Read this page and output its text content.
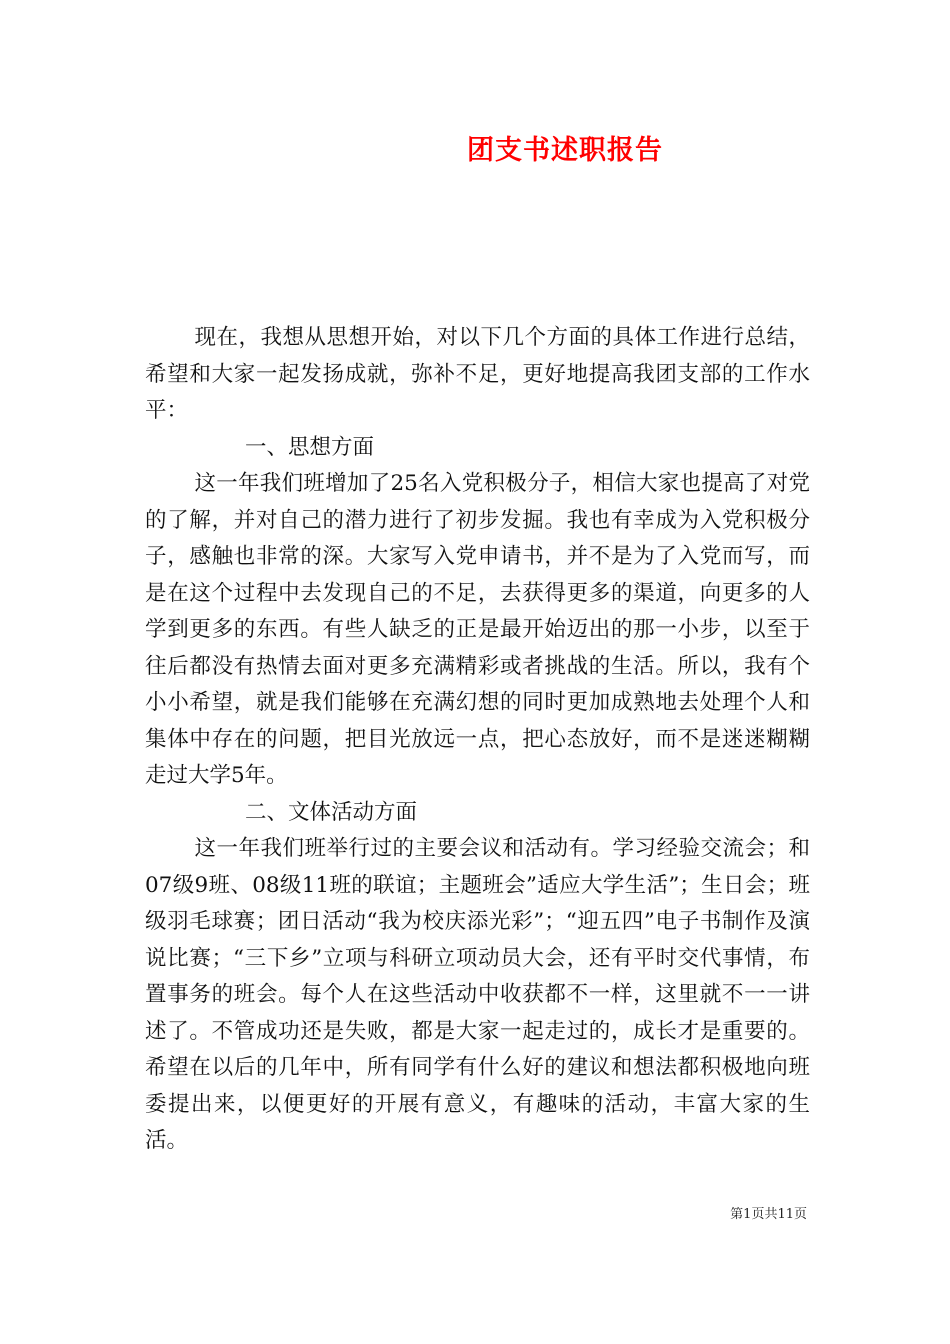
团支书述职报告

现在，我想从思想开始，对以下几个方面的具体工作进行总结，希望和大家一起发扬成就，弥补不足，更好地提高我团支部的工作水平：

一、思想方面

这一年我们班增加了25名入党积极分子，相信大家也提高了对党的了解，并对自己的潜力进行了初步发掘。我也有幸成为入党积极分子，感触也非常的深。大家写入党申请书，并不是为了入党而写，而是在这个过程中去发现自己的不足，去获得更多的渠道，向更多的人学到更多的东西。有些人缺乏的正是最开始迈出的那一小步，以至于往后都没有热情去面对更多充满精彩或者挑战的生活。所以，我有个小小希望，就是我们能够在充满幻想的同时更加成熟地去处理个人和集体中存在的问题，把目光放远一点，把心态放好，而不是迷迷糊糊走过大学5年。

二、文体活动方面

这一年我们班举行过的主要会议和活动有。学习经验交流会；和07级9班、08级11班的联谊；主题班会”适应大学生活”；生日会；班级羽毛球赛；团日活动“我为校庆添光彩”；“迎五四”电子书制作及演说比赛；“三下乡”立项与科研立项动员大会，还有平时交代事情，布置事务的班会。每个人在这些活动中收获都不一样，这里就不一一讲述了。不管成功还是失败，都是大家一起走过的，成长才是重要的。希望在以后的几年中，所有同学有什么好的建议和想法都积极地向班委提出来，以便更好的开展有意义，有趣味的活动，丰富大家的生活。

第1页共11页
